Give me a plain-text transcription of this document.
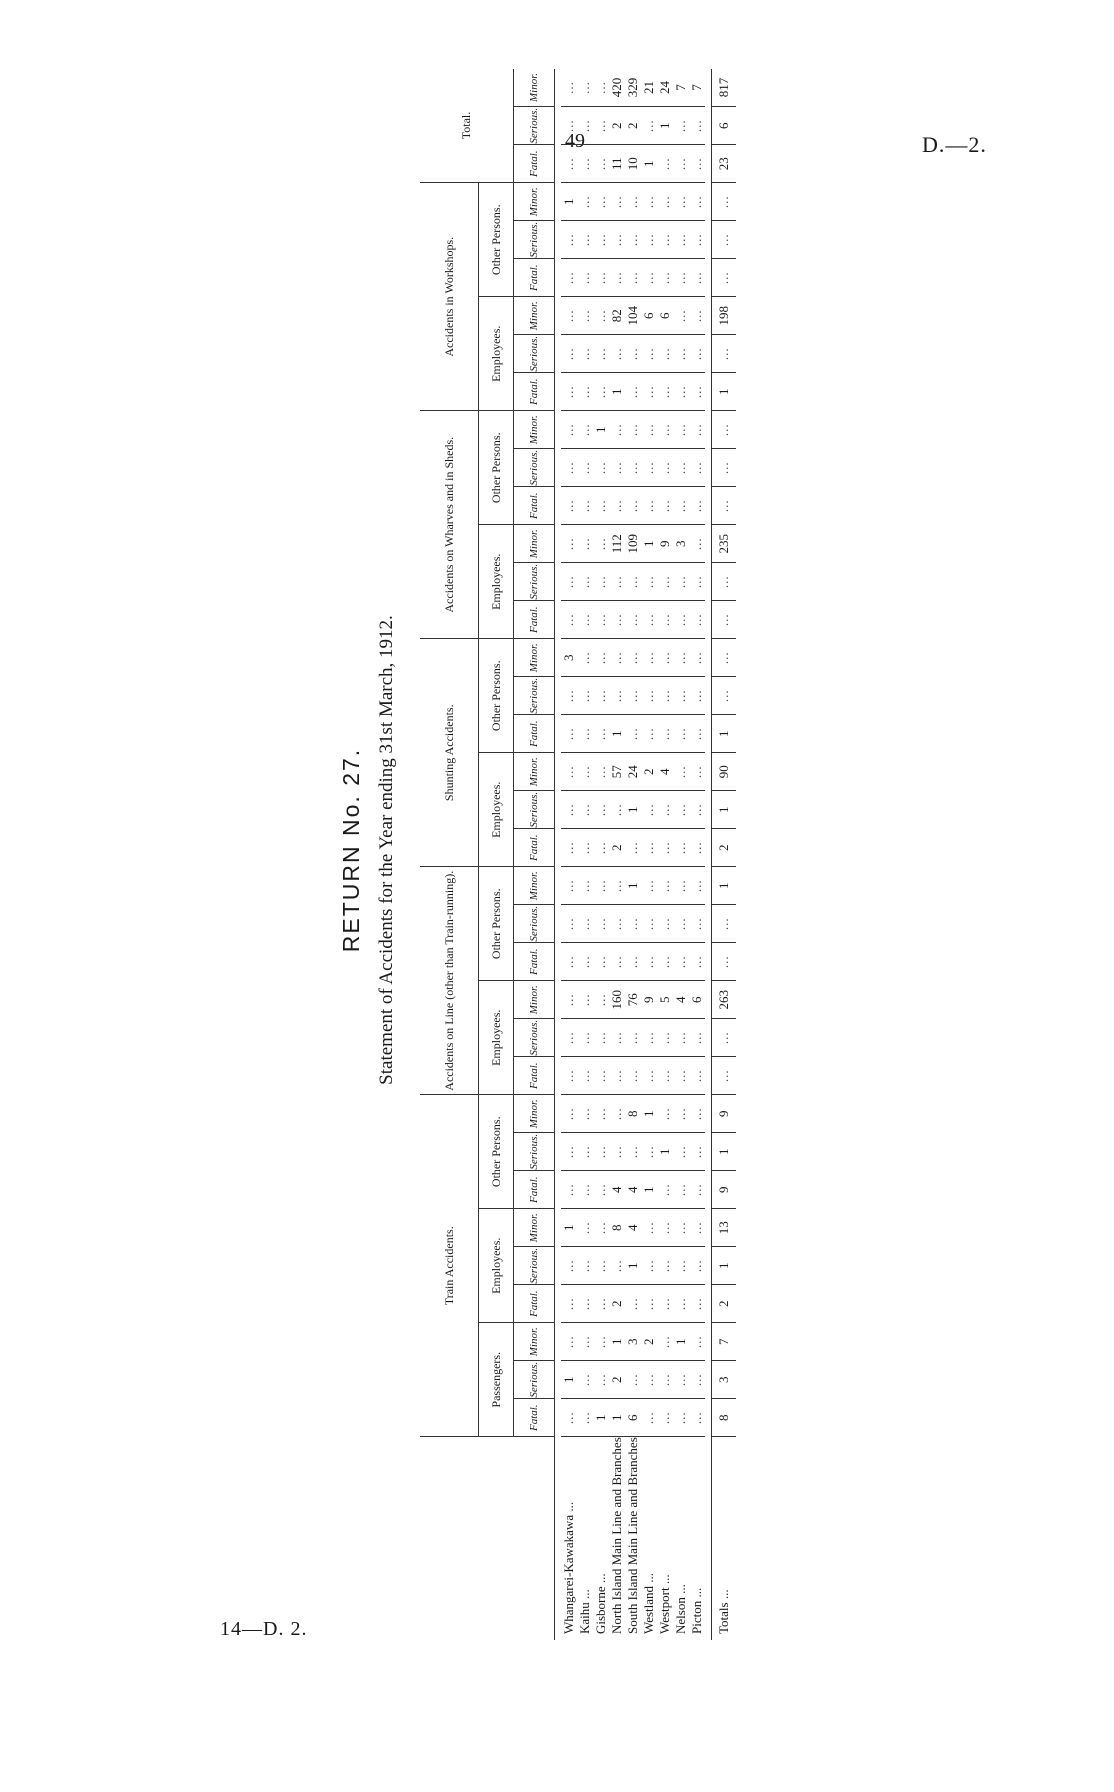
49	D.—2.
RETURN No. 27. Statement of Accidents for the Year ending 31st March, 1912.
	Train Accidents.									Accidents on Line (other than Train-running).						Shunting Accidents.						Accidents on Wharves and in Sheds.						Accidents in Workshops.						Total.		
	Passengers.			Employees.			Other Persons.			Employees.			Other Persons.			Employees.			Other Persons.			Employees.			Other Persons.			Employees.			Other Persons.					
	Fatal.	Serious.	Minor.	Fatal.	Serious.	Minor.	Fatal.	Serious.	Minor.	Fatal.	Serious.	Minor.	Fatal.	Serious.	Minor.	Fatal.	Serious.	Minor.	Fatal.	Serious.	Minor.	Fatal.	Serious.	Minor.	Fatal.	Serious.	Minor.	Fatal.	Serious.	Minor.	Fatal.	Serious.	Minor.	Fatal.	Serious.	Minor.

Whangarei-Kawakawa ...	...	1	...	...	...	1	...	...	...	...	...	...	...	...	...	...	...	...	...	...	3	...	...	...	...	...	...	...	...	...	...	...	1	...	...	...
Kaihu ...	...	...	...	...	...	...	...	...	...	...	...	...	...	...	...	...	...	...	...	...	...	...	...	...	...	...	...	...	...	...	...	...	...	...	...	...
Gisborne ...	1	...	...	...	...	...	...	...	...	...	...	...	...	...	...	...	...	...	...	...	...	...	...	...	...	...	1	...	...	...	...	...	...	...	...	...
North Island Main Line and Branches	1	2	1	2	...	8	4	...	...	...	...	160	...	...	...	2	...	57	1	...	...	...	...	112	...	...	...	1	...	82	...	...	...	11	2	420
South Island Main Line and Branches	6	...	3	...	1	4	4	...	8	...	...	76	...	...	1	...	1	24	...	...	...	...	...	109	...	...	...	...	...	104	...	...	...	10	2	329
Westland ...	...	...	2	...	...	...	1	...	1	...	...	9	...	...	...	...	...	2	...	...	...	...	...	1	...	...	...	...	...	6	...	...	...	1	...	21
Westport ...	...	...	...	...	...	...	...	1	...	...	...	5	...	...	...	...	...	4	...	...	...	...	...	9	...	...	...	...	...	6	...	...	...	...	1	24
Nelson ...	...	...	1	...	...	...	...	...	...	...	...	4	...	...	...	...	...	...	...	...	...	...	...	3	...	...	...	...	...	...	...	...	...	...	...	7
Picton ...	...	...	...	...	...	...	...	...	...	...	...	6	...	...	...	...	...	...	...	...	...	...	...	...	...	...	...	...	...	...	...	...	...	...	...	7

Totals ...	8	3	7	2	1	13	9	1	9	...	...	263	...	...	1	2	1	90	1	...	...	...	...	235	...	...	...	1	...	198	...	...	...	23	6	817
14—D. 2.
